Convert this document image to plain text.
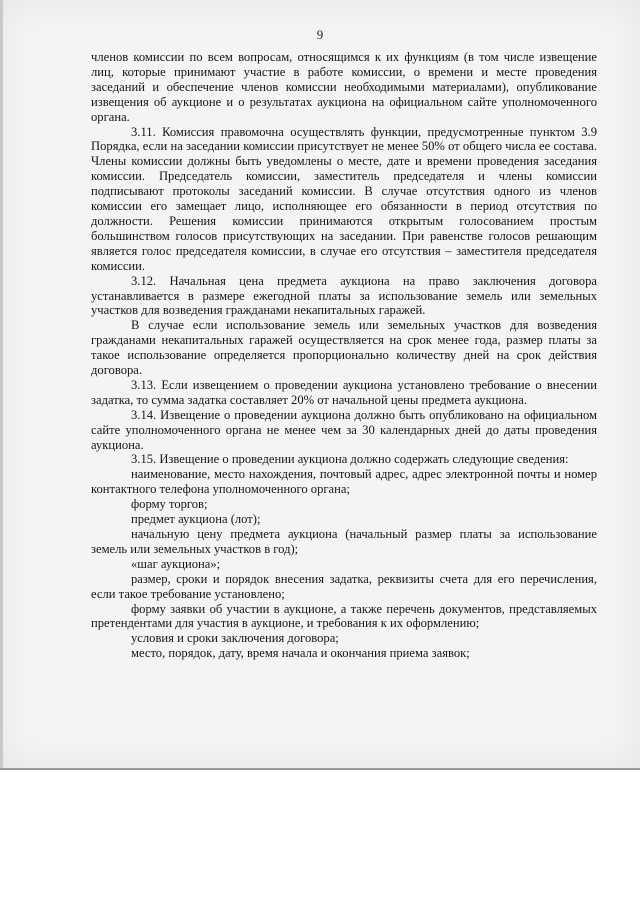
9

членов комиссии по всем вопросам, относящимся к их функциям (в том числе извещение лиц, которые принимают участие в работе комиссии, о времени и месте проведения заседаний и обеспечение членов комиссии необходимыми материалами), опубликование извещения об аукционе и о результатах аукциона на официальном сайте уполномоченного органа.

3.11. Комиссия правомочна осуществлять функции, предусмотренные пунктом 3.9 Порядка, если на заседании комиссии присутствует не менее 50% от общего числа ее состава. Члены комиссии должны быть уведомлены о месте, дате и времени проведения заседания комиссии. Председатель комиссии, заместитель председателя и члены комиссии подписывают протоколы заседаний комиссии. В случае отсутствия одного из членов комиссии его замещает лицо, исполняющее его обязанности в период отсутствия по должности. Решения комиссии принимаются открытым голосованием простым большинством голосов присутствующих на заседании. При равенстве голосов решающим является голос председателя комиссии, в случае его отсутствия – заместителя председателя комиссии.

3.12. Начальная цена предмета аукциона на право заключения договора устанавливается в размере ежегодной платы за использование земель или земельных участков для возведения гражданами некапитальных гаражей.

В случае если использование земель или земельных участков для возведения гражданами некапитальных гаражей осуществляется на срок менее года, размер платы за такое использование определяется пропорционально количеству дней на срок действия договора.

3.13. Если извещением о проведении аукциона установлено требование о внесении задатка, то сумма задатка составляет 20% от начальной цены предмета аукциона.

3.14. Извещение о проведении аукциона должно быть опубликовано на официальном сайте уполномоченного органа не менее чем за 30 календарных дней до даты проведения аукциона.

3.15. Извещение о проведении аукциона должно содержать следующие сведения:

наименование, место нахождения, почтовый адрес, адрес электронной почты и номер контактного телефона уполномоченного органа;

форму торгов;

предмет аукциона (лот);

начальную цену предмета аукциона (начальный размер платы за использование земель или земельных участков в год);

«шаг аукциона»;

размер, сроки и порядок внесения задатка, реквизиты счета для его перечисления, если такое требование установлено;

форму заявки об участии в аукционе, а также перечень документов, представляемых претендентами для участия в аукционе, и требования к их оформлению;

условия и сроки заключения договора;

место, порядок, дату, время начала и окончания приема заявок;
